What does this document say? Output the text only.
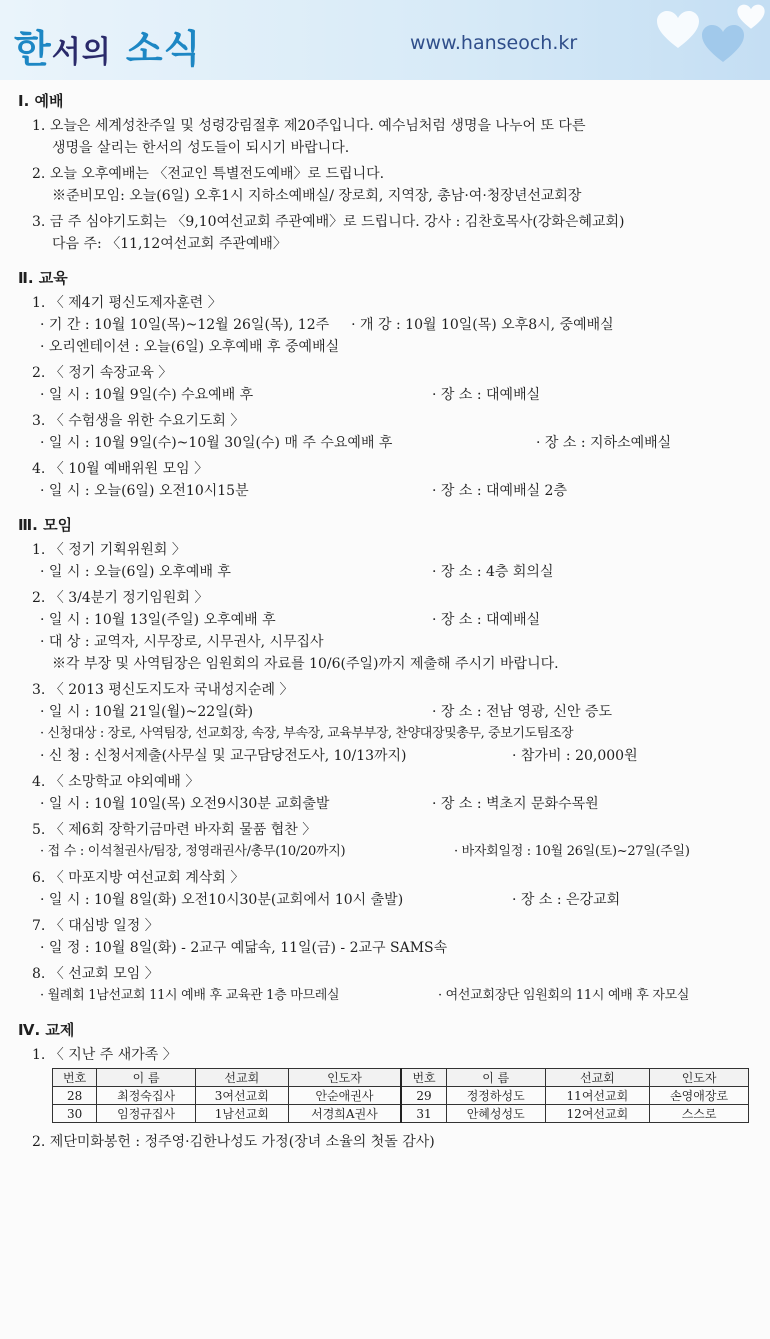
한서의 소식	www.hanseoch.kr
Ⅰ. 예배
1. 오늘은 세계성찬주일 및 성령강림절후 제20주입니다. 예수님처럼 생명을 나누어 또 다른
생명을 살리는 한서의 성도들이 되시기 바랍니다.
2. 오늘 오후예배는 〈전교인 특별전도예배〉로 드립니다.
※준비모임: 오늘(6일) 오후1시 지하소예배실/ 장로회, 지역장, 총남·여·청장년선교회장
3. 금 주 심야기도회는 〈9,10여선교회 주관예배〉로 드립니다. 강사 : 김찬호목사(강화은혜교회)
다음 주: 〈11,12여선교회 주관예배〉
Ⅱ. 교육
1. 〈 제4기 평신도제자훈련 〉
· 기 간 : 10월 10일(목)~12월 26일(목), 12주 · 개 강 : 10월 10일(목) 오후8시, 중예배실
· 오리엔테이션 : 오늘(6일) 오후예배 후 중예배실
2. 〈 정기 속장교육 〉
· 일 시 : 10월 9일(수) 수요예배 후	· 장 소 : 대예배실
3. 〈 수험생을 위한 수요기도회 〉
· 일 시 : 10월 9일(수)~10월 30일(수) 매 주 수요예배 후	· 장 소 : 지하소예배실
4. 〈 10월 예배위원 모임 〉
· 일 시 : 오늘(6일) 오전10시15분	· 장 소 : 대예배실 2층
Ⅲ. 모임
1. 〈 정기 기획위원회 〉
· 일 시 : 오늘(6일) 오후예배 후	· 장 소 : 4층 회의실
2. 〈 3/4분기 정기임원회 〉
· 일 시 : 10월 13일(주일) 오후예배 후	· 장 소 : 대예배실
· 대 상 : 교역자, 시무장로, 시무권사, 시무집사
※각 부장 및 사역팀장은 임원회의 자료를 10/6(주일)까지 제출해 주시기 바랍니다.
3. 〈 2013 평신도지도자 국내성지순례 〉
· 일 시 : 10월 21일(월)~22일(화)	· 장 소 : 전남 영광, 신안 증도
· 신청대상 : 장로, 사역팀장, 선교회장, 속장, 부속장, 교육부부장, 찬양대장및총무, 중보기도팀조장
· 신 청 : 신청서제출(사무실 및 교구담당전도사, 10/13까지)	· 참가비 : 20,000원
4. 〈 소망학교 야외예배 〉
· 일 시 : 10월 10일(목) 오전9시30분 교회출발	· 장 소 : 벽초지 문화수목원
5. 〈 제6회 장학기금마련 바자회 물품 협찬 〉
· 접 수 : 이석철권사/팀장, 정영래권사/총무(10/20까지)	· 바자회일정 : 10월 26일(토)~27일(주일)
6. 〈 마포지방 여선교회 계삭회 〉
· 일 시 : 10월 8일(화) 오전10시30분(교회에서 10시 출발)	· 장 소 : 은강교회
7. 〈 대심방 일정 〉
· 일 정 : 10월 8일(화) - 2교구 예닮속, 11일(금) - 2교구 SAMS속
8. 〈 선교회 모임 〉
· 월례회 1남선교회 11시 예배 후 교육관 1층 마므레실	· 여선교회장단 임원회의 11시 예배 후 자모실
Ⅳ. 교제
1. 〈 지난 주 새가족 〉
번호	이 름	선교회	인도자	번호	이 름	선교회	인도자
28	최정숙집사	3여선교회	안순애권사	29	정정하성도	11여선교회	손영애장로
30	임정규집사	1남선교회	서경희A권사	31	안혜성성도	12여선교회	스스로
2. 제단미화봉헌 : 정주영·김한나성도 가정(장녀 소율의 첫돌 감사)
